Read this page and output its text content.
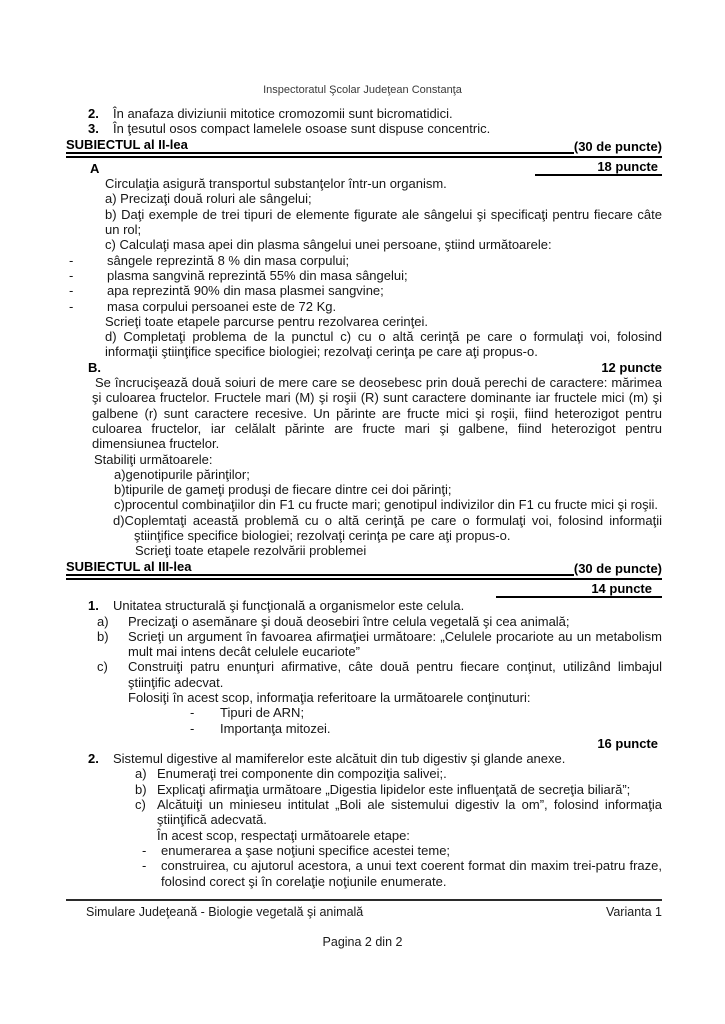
Inspectoratul Şcolar Judeţean Constanţa
2. În anafaza diviziunii mitotice cromozomii sunt bicromatidici.
3. În ţesutul osos compact lamelele osoase sunt dispuse concentric.
SUBIECTUL al II-lea	(30 de puncte)
A	18 puncte
Circulaţia asigură transportul substanţelor într-un organism.
a) Precizaţi două roluri ale sângelui;
b) Daţi exemple de trei tipuri de elemente figurate ale sângelui şi specificaţi pentru fiecare câte un rol;
c) Calculaţi masa apei din plasma sângelui unei persoane, ştiind următoarele:
-	sângele reprezintă 8 % din masa corpului;
-	plasma sangvină reprezintă 55% din masa sângelui;
-	apa reprezintă 90% din masa plasmei sangvine;
-	masa corpului persoanei este de 72 Kg.
Scrieţi toate etapele parcurse pentru rezolvarea cerinţei.
d) Completaţi problema de la punctul c) cu o altă cerinţă pe care o formulaţi voi, folosind informaţii ştiinţifice specifice biologiei; rezolvaţi cerinţa pe care aţi propus-o.
B.	12 puncte
Se încrucişează două soiuri de mere care se deosebesc prin două perechi de caractere: mărimea şi culoarea fructelor. Fructele mari (M) şi roşii (R) sunt caractere dominante iar fructele mici (m) şi galbene (r) sunt caractere recesive. Un părinte are fructe mici şi roşii, fiind heterozigot pentru culoarea fructelor, iar celălalt părinte are fructe mari şi galbene, fiind heterozigot pentru dimensiunea fructelor.
Stabiliţi următoarele:
a)genotipurile părinţilor;
b)tipurile de gameţi produşi de fiecare dintre cei doi părinţi;
c)procentul combinaţiilor din F1 cu fructe mari; genotipul indivizilor din F1 cu fructe mici şi roşii.
d)Coplemtaţi această problemă cu o altă cerinţă pe care o formulaţi voi, folosind informaţii ştiinţifice specifice biologiei; rezolvaţi cerinţa pe care aţi propus-o.
Scrieţi toate etapele rezolvării problemei
SUBIECTUL al III-lea	(30 de puncte)
14 puncte
1. Unitatea structurală şi funcţională a organismelor este celula.
a) Precizaţi o asemănare şi două deosebiri între celula vegetală şi cea animală;
b) Scrieţi un argument în favoarea afirmaţiei următoare: „Celulele procariote au un metabolism mult mai intens decât celulele eucariote”
c) Construiţi patru enunţuri afirmative, câte două pentru fiecare conţinut, utilizând limbajul ştiinţific adecvat.
Folosiţi în acest scop, informaţia referitoare la următoarele conţinuturi:
- Tipuri de ARN;
- Importanţa mitozei.
16 puncte
2. Sistemul digestive al mamiferelor este alcătuit din tub digestiv şi glande anexe.
a) Enumeraţi trei componente din compoziţia salivei;.
b) Explicaţi afirmaţia următoare „Digestia lipidelor este influenţată de secreţia biliară”;
c) Alcătuiţi un minieseu intitulat „Boli ale sistemului digestiv la om”, folosind informaţia ştiinţifică adecvată.
În acest scop, respectaţi următoarele etape:
- enumerarea a şase noţiuni specifice acestei teme;
- construirea, cu ajutorul acestora, a unui text coerent format din maxim trei-patru fraze, folosind corect şi în corelaţie noţiunile enumerate.
Simulare Judeţeană - Biologie vegetală şi animală	Varianta 1
Pagina 2 din 2
